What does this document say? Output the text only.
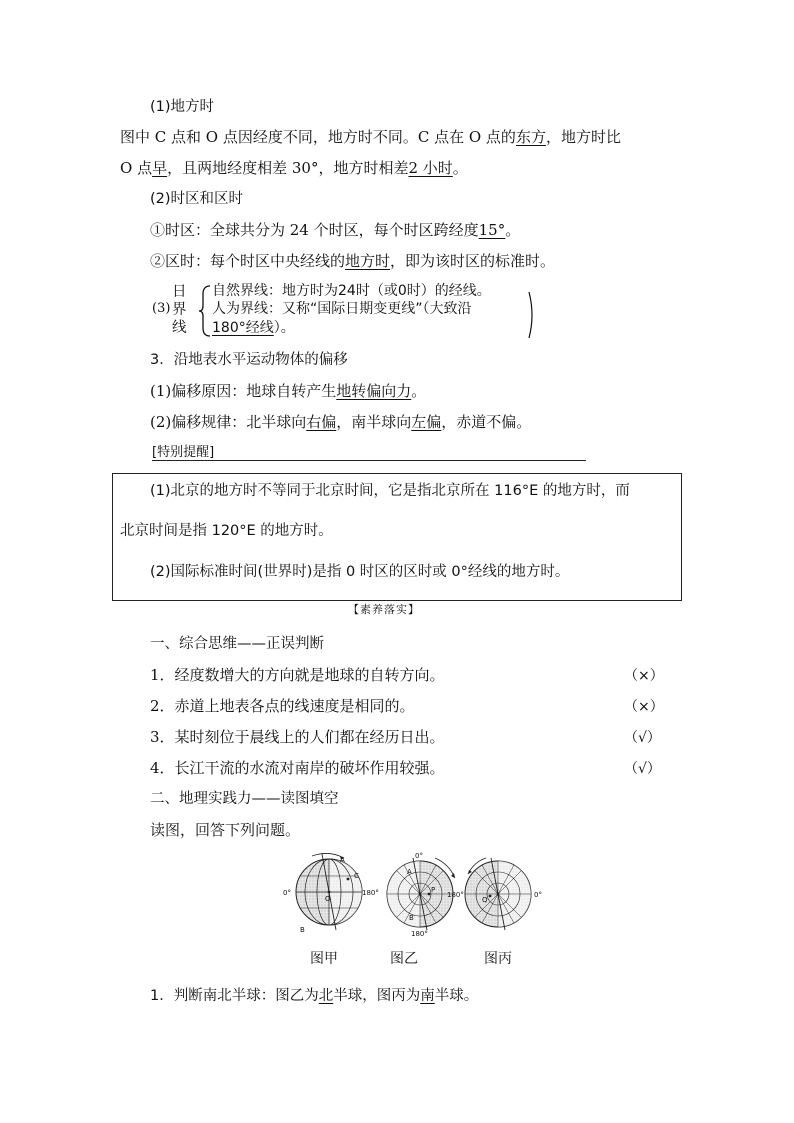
(1)地方时
图中 C 点和 O 点因经度不同，地方时不同。C 点在 O 点的东方，地方时比
O 点早，且两地经度相差 30°，地方时相差2 小时。
(2)时区和区时
①时区：全球共分为 24 个时区，每个时区跨经度15°。
②区时：每个时区中央经线的地方时，即为该时区的标准时。
(3)
日
界
线
自然界线：地方时为24时（或0时）的经线。
人为界线：又称“国际日期变更线”（大致沿
180°经线）。
3．沿地表水平运动物体的偏移
(1)偏移原因：地球自转产生地转偏向力。
(2)偏移规律：北半球向右偏，南半球向左偏，赤道不偏。
[特别提醒]
(1)北京的地方时不等同于北京时间，它是指北京所在 116°E 的地方时，而
北京时间是指 120°E 的地方时。
(2)国际标准时间(世界时)是指 0 时区的区时或 0°经线的地方时。
【素养落实】
一、综合思维——正误判断
1．经度数增大的方向就是地球的自转方向。	（×）
2．赤道上地表各点的线速度是相同的。	（×）
3．某时刻位于晨线上的人们都在经历日出。	（√）
4．长江干流的水流对南岸的破坏作用较强。	（√）
二、地理实践力——读图填空
读图，回答下列问题。
A
C
O
B
0°	180°
0°
A
P
B
180°
180°
Q
0°
图甲	图乙	图丙
1．判断南北半球：图乙为北半球，图丙为南半球。
